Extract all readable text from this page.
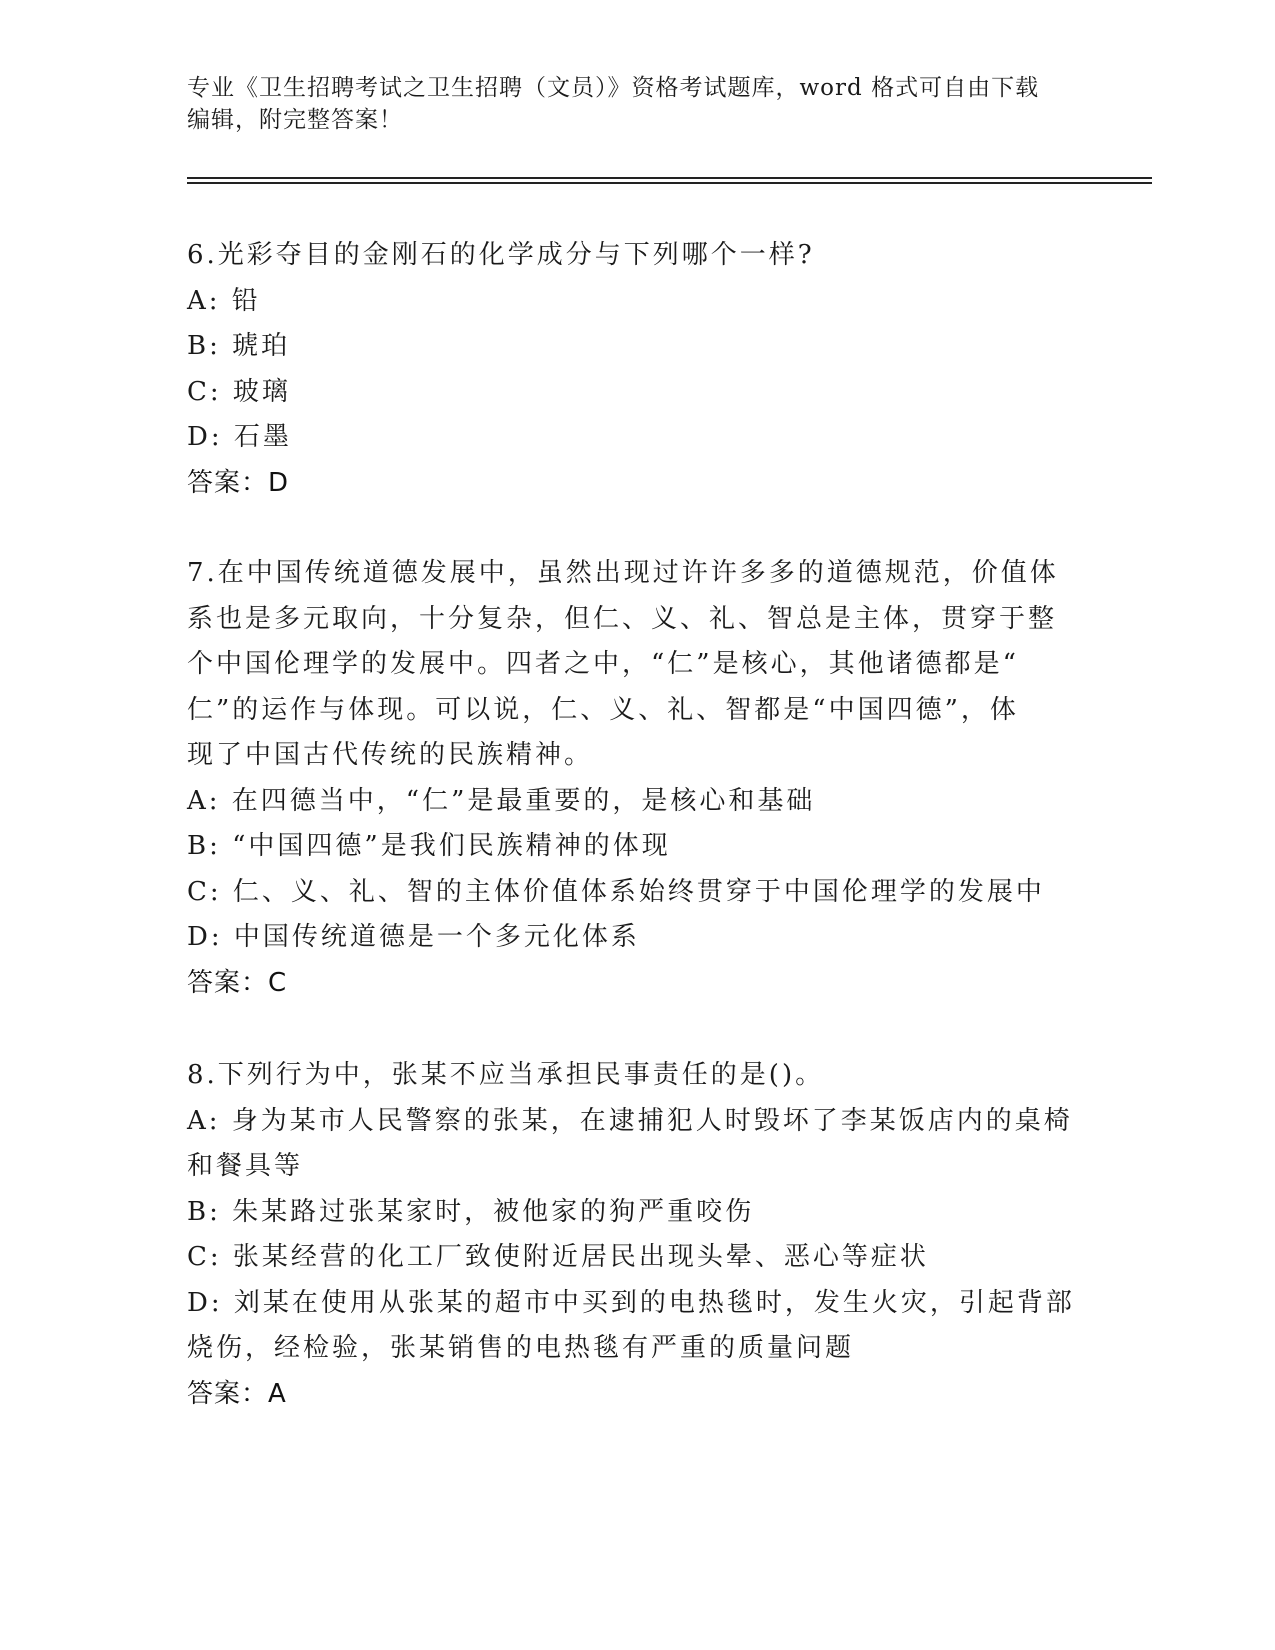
专业《卫生招聘考试之卫生招聘（文员）》资格考试题库，word 格式可自由下载
编辑，附完整答案！

6.光彩夺目的金刚石的化学成分与下列哪个一样?

A: 铅

B: 琥珀

C: 玻璃

D: 石墨

答案：D

7.在中国传统道德发展中，虽然出现过许许多多的道德规范，价值体

系也是多元取向，十分复杂，但仁、义、礼、智总是主体，贯穿于整

个中国伦理学的发展中。四者之中，“仁”是核心，其他诸德都是“

仁”的运作与体现。可以说，仁、义、礼、智都是“中国四德”，体

现了中国古代传统的民族精神。

A: 在四德当中，“仁”是最重要的，是核心和基础

B: “中国四德”是我们民族精神的体现

C: 仁、义、礼、智的主体价值体系始终贯穿于中国伦理学的发展中

D: 中国传统道德是一个多元化体系

答案：C

8.下列行为中，张某不应当承担民事责任的是()。

A: 身为某市人民警察的张某，在逮捕犯人时毁坏了李某饭店内的桌椅

和餐具等

B: 朱某路过张某家时，被他家的狗严重咬伤

C: 张某经营的化工厂致使附近居民出现头晕、恶心等症状

D: 刘某在使用从张某的超市中买到的电热毯时，发生火灾，引起背部

烧伤，经检验，张某销售的电热毯有严重的质量问题

答案：A
